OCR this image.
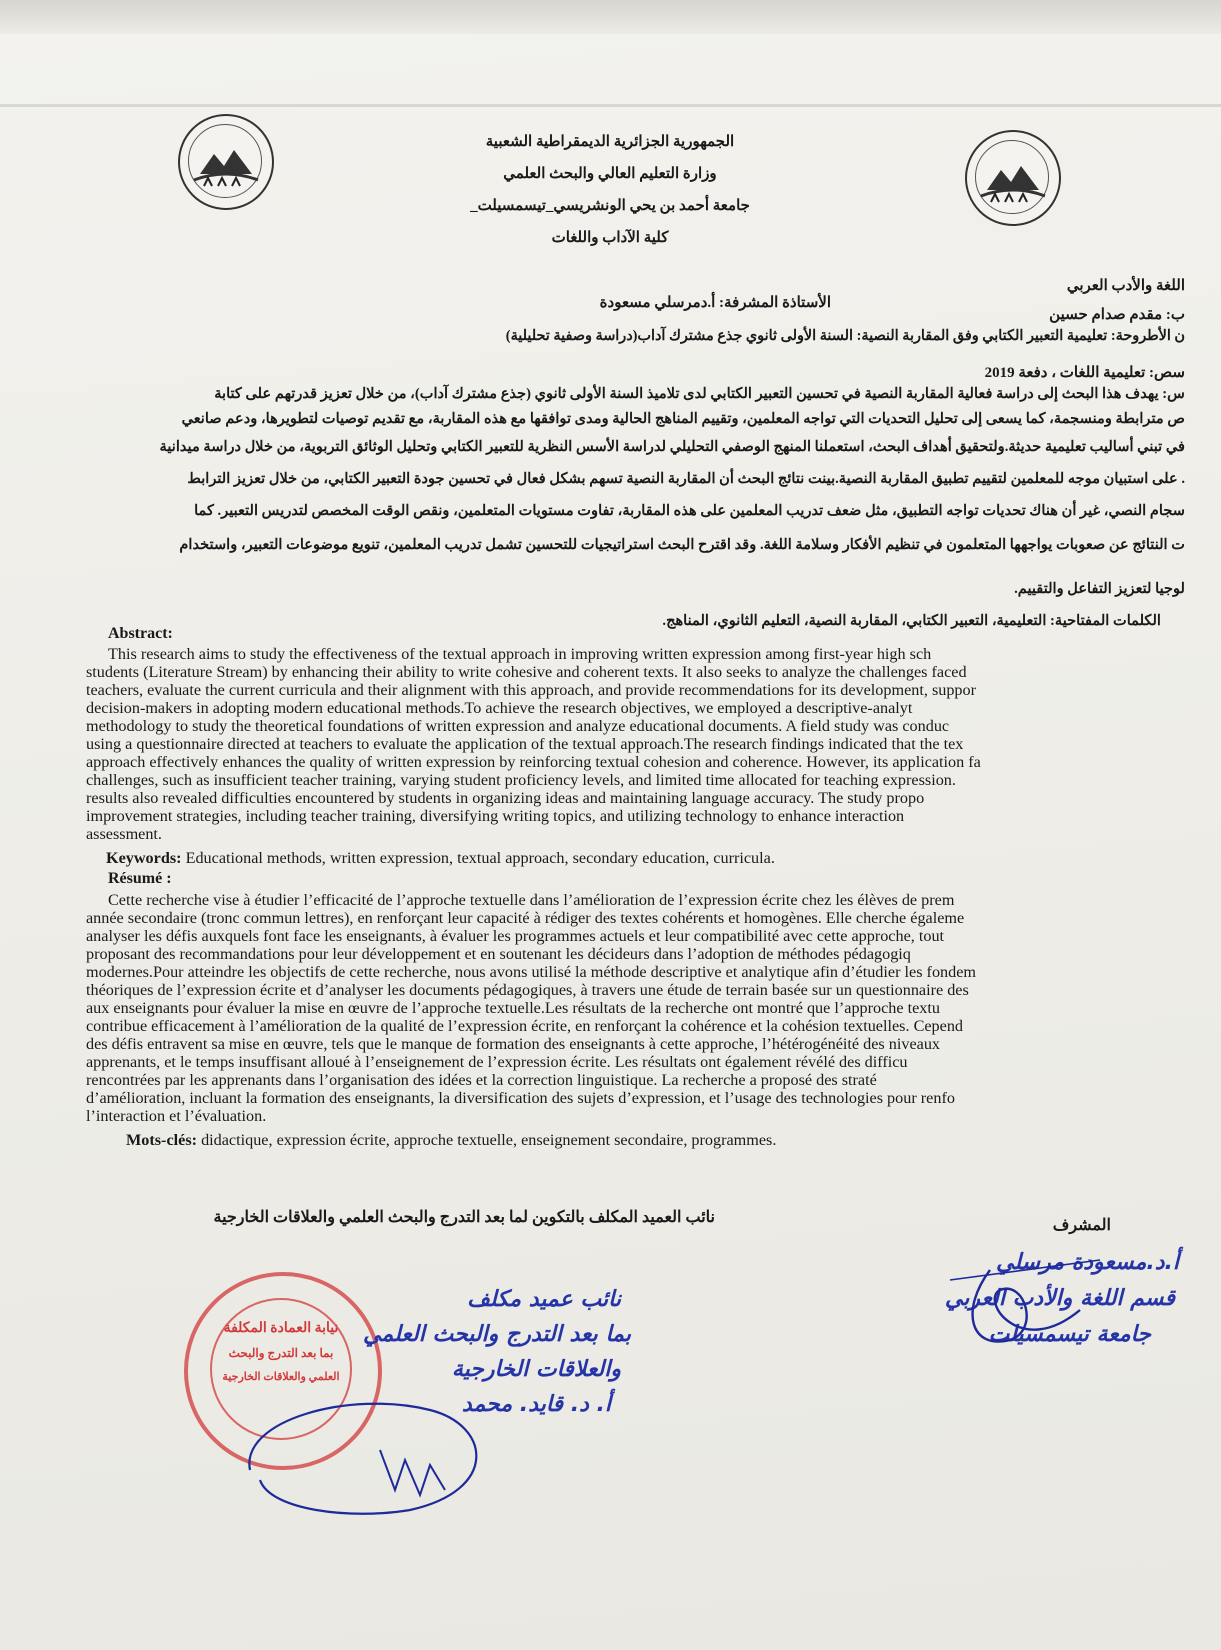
الجمهورية الجزائرية الديمقراطية الشعبية
وزارة التعليم العالي والبحث العلمي
جامعة أحمد بن يحي الونشريسي_تيسمسيلت_
كلية الآداب واللغات
اللغة والأدب العربي
الأستاذة المشرفة: أ.دمرسلي مسعودة
ب: مقدم صدام حسين
ن الأطروحة: تعليمية التعبير الكتابي وفق المقاربة النصية: السنة الأولى ثانوي جذع مشترك آداب(دراسة وصفية تحليلية)
سص: تعليمية اللغات ، دفعة 2019
س: يهدف هذا البحث إلى دراسة فعالية المقاربة النصية في تحسين التعبير الكتابي لدى تلاميذ السنة الأولى ثانوي (جذع مشترك آداب)، من خلال تعزيز قدرتهم على كتابة
ص مترابطة ومنسجمة، كما يسعى إلى تحليل التحديات التي تواجه المعلمين، وتقييم المناهج الحالية ومدى توافقها مع هذه المقاربة، مع تقديم توصيات لتطويرها، ودعم صانعي
في تبني أساليب تعليمية حديثة.ولتحقيق أهداف البحث، استعملنا المنهج الوصفي التحليلي لدراسة الأسس النظرية للتعبير الكتابي وتحليل الوثائق التربوية، من خلال دراسة ميدانية
. على استبيان موجه للمعلمين لتقييم تطبيق المقاربة النصية.بينت نتائج البحث أن المقاربة النصية تسهم بشكل فعال في تحسين جودة التعبير الكتابي، من خلال تعزيز الترابط
سجام النصي، غير أن هناك تحديات تواجه التطبيق، مثل ضعف تدريب المعلمين على هذه المقاربة، تفاوت مستويات المتعلمين، ونقص الوقت المخصص لتدريس التعبير. كما
ت النتائج عن صعوبات يواجهها المتعلمون في تنظيم الأفكار وسلامة اللغة. وقد اقترح البحث استراتيجيات للتحسين تشمل تدريب المعلمين، تنويع موضوعات التعبير، واستخدام
لوجيا لتعزيز التفاعل والتقييم.
الكلمات المفتاحية: التعليمية، التعبير الكتابي، المقاربة النصية، التعليم الثانوي، المناهج.
Abstract:
This research aims to study the effectiveness of the textual approach in improving written expression among first-year high sch
students (Literature Stream) by enhancing their ability to write cohesive and coherent texts. It also seeks to analyze the challenges faced
teachers, evaluate the current curricula and their alignment with this approach, and provide recommendations for its development, suppor
decision-makers in adopting modern educational methods.To achieve the research objectives, we employed a descriptive-analyt
methodology to study the theoretical foundations of written expression and analyze educational documents. A field study was conduc
using a questionnaire directed at teachers to evaluate the application of the textual approach.The research findings indicated that the tex
approach effectively enhances the quality of written expression by reinforcing textual cohesion and coherence. However, its application fa
challenges, such as insufficient teacher training, varying student proficiency levels, and limited time allocated for teaching expression.
results also revealed difficulties encountered by students in organizing ideas and maintaining language accuracy. The study propo
improvement strategies, including teacher training, diversifying writing topics, and utilizing technology to enhance interaction
assessment.
Keywords: Educational methods, written expression, textual approach, secondary education, curricula.
Résumé :
Cette recherche vise à étudier l’efficacité de l’approche textuelle dans l’amélioration de l’expression écrite chez les élèves de prem
année secondaire (tronc commun lettres), en renforçant leur capacité à rédiger des textes cohérents et homogènes. Elle cherche égaleme
analyser les défis auxquels font face les enseignants, à évaluer les programmes actuels et leur compatibilité avec cette approche, tout
proposant des recommandations pour leur développement et en soutenant les décideurs dans l’adoption de méthodes pédagogiq
modernes.Pour atteindre les objectifs de cette recherche, nous avons utilisé la méthode descriptive et analytique afin d’étudier les fondem
théoriques de l’expression écrite et d’analyser les documents pédagogiques, à travers une étude de terrain basée sur un questionnaire des
aux enseignants pour évaluer la mise en œuvre de l’approche textuelle.Les résultats de la recherche ont montré que l’approche textu
contribue efficacement à l’amélioration de la qualité de l’expression écrite, en renforçant la cohérence et la cohésion textuelles. Cepend
des défis entravent sa mise en œuvre, tels que le manque de formation des enseignants à cette approche, l’hétérogénéité des niveaux
apprenants, et le temps insuffisant alloué à l’enseignement de l’expression écrite. Les résultats ont également révélé des difficu
rencontrées par les apprenants dans l’organisation des idées et la correction linguistique. La recherche a proposé des straté
d’amélioration, incluant la formation des enseignants, la diversification des sujets d’expression, et l’usage des technologies pour renfo
l’interaction et l’évaluation.
Mots-clés: didactique, expression écrite, approche textuelle, enseignement secondaire, programmes.
نائب العميد المكلف بالتكوين لما بعد التدرج والبحث العلمي والعلاقات الخارجية	المشرف
نيابة العمادة المكلفة
بما بعد التدرج والبحث
العلمي والعلاقات الخارجية
نائب عميد مكلف
بما بعد التدرج والبحث العلمي
والعلاقات الخارجية
أ. د. قايد. محمد
أ.د.مسعودة مرسلي
قسم اللغة والأدب العربي
جامعة تيسمسيلت
